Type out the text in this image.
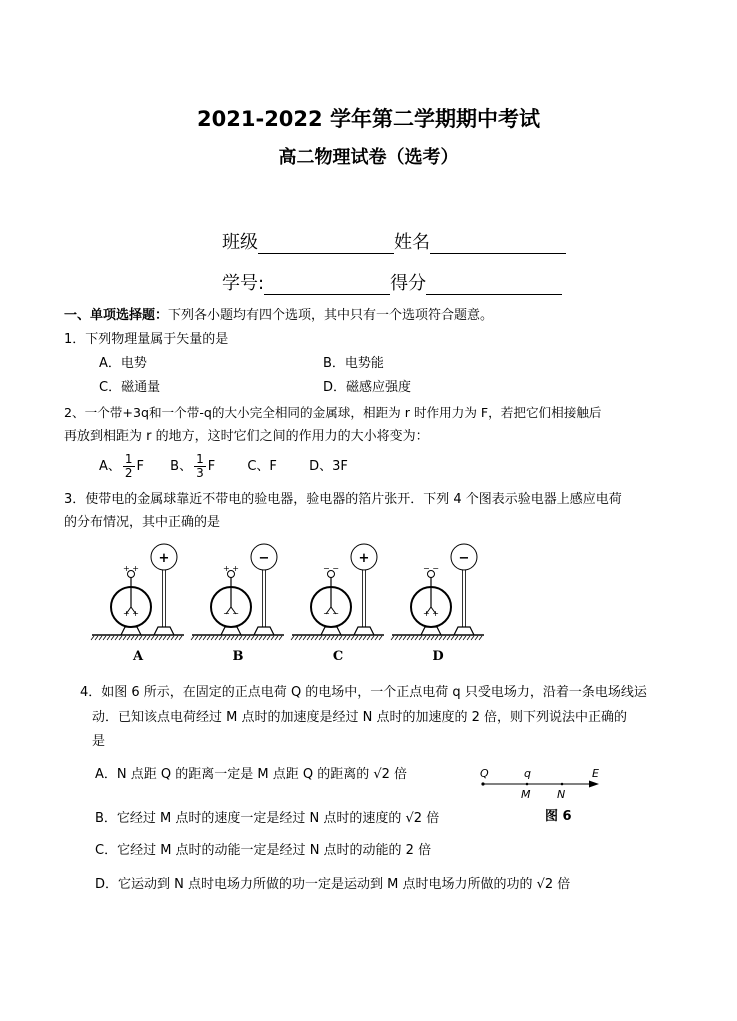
2021-2022 学年第二学期期中考试
高二物理试卷（选考）
班级	姓名
学号:	得分
一、单项选择题：下列各小题均有四个选项，其中只有一个选项符合题意。
1．下列物理量属于矢量的是
A．电势	B．电势能
C．磁通量	D．磁感应强度
2、一个带+3q和一个带-q的大小完全相同的金属球，相距为 r 时作用力为 F，若把它们相接触后
再放到相距为 r 的地方，这时它们之间的作用力的大小将变为：
A、 $\frac{1}{2}$ F B、 $\frac{1}{3}$ F C、F D、3F
3．使带电的金属球靠近不带电的验电器，验电器的箔片张开．下列 4 个图表示验电器上感应电荷
的分布情况，其中正确的是
+ +
+ +
+
A
+ +
− −
−
B
− −
− −
+
C
− −
+ +
−
D
4．如图 6 所示，在固定的正点电荷 Q 的电场中，一个正点电荷 q 只受电场力，沿着一条电场线运
动．已知该点电荷经过 M 点时的加速度是经过 N 点时的加速度的 2 倍，则下列说法中正确的
是
A．N 点距 Q 的距离一定是 M 点距 Q 的距离的 √2 倍
B．它经过 M 点时的速度一定是经过 N 点时的速度的 √2 倍
C．它经过 M 点时的动能一定是经过 N 点时的动能的 2 倍
D．它运动到 N 点时电场力所做的功一定是运动到 M 点时电场力所做的功的 √2 倍
Q	q	E
M N
图 6
